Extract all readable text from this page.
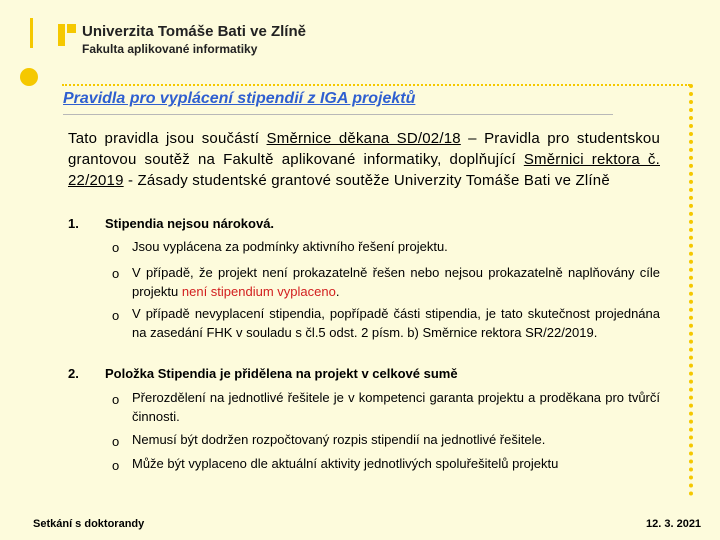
Univerzita Tomáše Bati ve Zlíně
Fakulta aplikované informatiky
Pravidla pro vyplácení stipendií z IGA projektů
Tato pravidla jsou součástí Směrnice děkana SD/02/18 – Pravidla pro studentskou grantovou soutěž na Fakultě aplikované informatiky, doplňující Směrnici rektora č. 22/2019 - Zásady studentské grantové soutěže Univerzity Tomáše Bati ve Zlíně
1. Stipendia nejsou nároková.
o Jsou vyplácena za podmínky aktivního řešení projektu.
o V případě, že projekt není prokazatelně řešen nebo nejsou prokazatelně naplňovány cíle projektu není stipendium vyplaceno.
o V případě nevyplacení stipendia, popřípadě části stipendia, je tato skutečnost projednána na zasedání FHK v souladu s čl.5 odst. 2 písm. b) Směrnice rektora SR/22/2019.
2. Položka Stipendia je přidělena na projekt v celkové sumě
o Přerozdělení na jednotlivé řešitele je v kompetenci garanta projektu a proděkana pro tvůrčí činnosti.
o Nemusí být dodržen rozpočtovaný rozpis stipendií na jednotlivé řešitele.
o Může být vyplaceno dle aktuální aktivity jednotlivých spoluřešitelů projektu
Setkání s doktorandy	12. 3. 2021
